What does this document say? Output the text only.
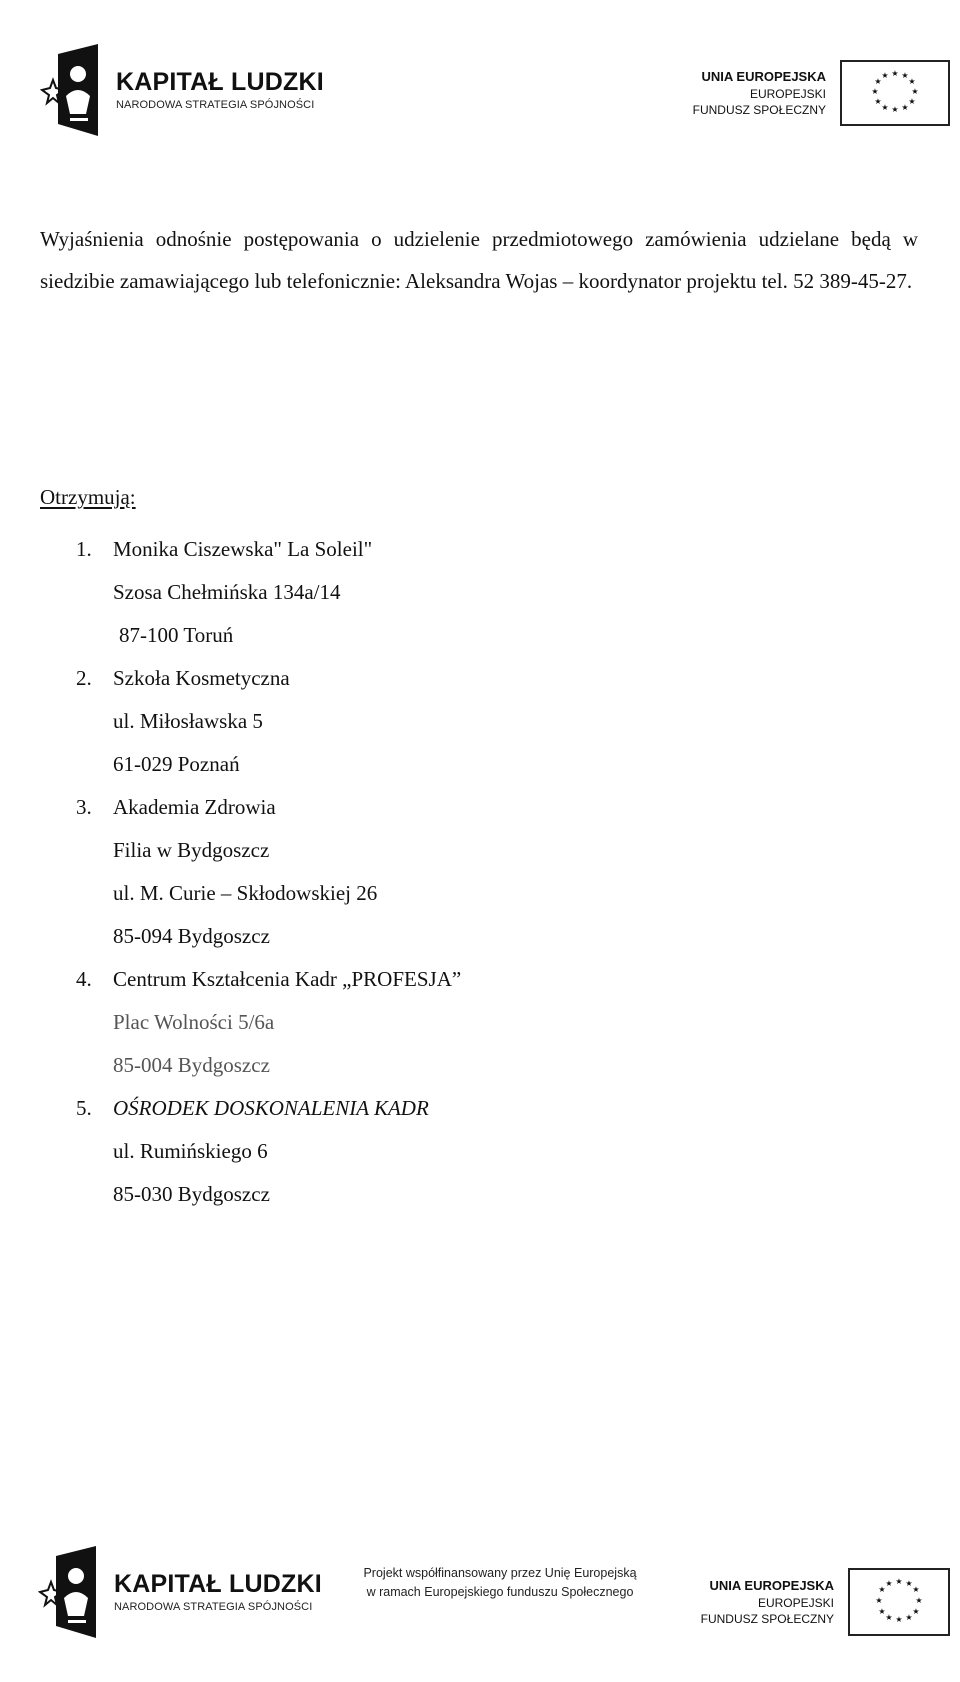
KAPITAŁ LUDZKI
NARODOWA STRATEGIA SPÓJNOŚCI
UNIA EUROPEJSKA
EUROPEJSKI
FUNDUSZ SPOŁECZNY
★ ★
★
★
★
★
★
★
★
★
★
★

Wyjaśnienia odnośnie postępowania o udzielenie przedmiotowego zamówienia udzielane będą w siedzibie zamawiającego lub telefonicznie: Aleksandra Wojas – koordynator projektu tel. 52 389-45-27.

Otrzymują:

1.	Monika Ciszewska" La Soleil"
Szosa Chełmińska 134a/14
87-100 Toruń
2.	Szkoła Kosmetyczna
ul. Miłosławska 5
61-029 Poznań
3.	Akademia Zdrowia
Filia w Bydgoszcz
ul. M. Curie – Skłodowskiej 26
85-094 Bydgoszcz
4.	Centrum Kształcenia Kadr „PROFESJA”
Plac Wolności 5/6a
85-004 Bydgoszcz
5.	OŚRODEK DOSKONALENIA KADR
ul. Rumińskiego 6
85-030 Bydgoszcz
KAPITAŁ LUDZKI
NARODOWA STRATEGIA SPÓJNOŚCI
Projekt współfinansowany przez Unię Europejską
w ramach Europejskiego funduszu Społecznego	UNIA EUROPEJSKA
EUROPEJSKI
FUNDUSZ SPOŁECZNY
★ ★
★
★
★
★
★
★
★
★
★
★
